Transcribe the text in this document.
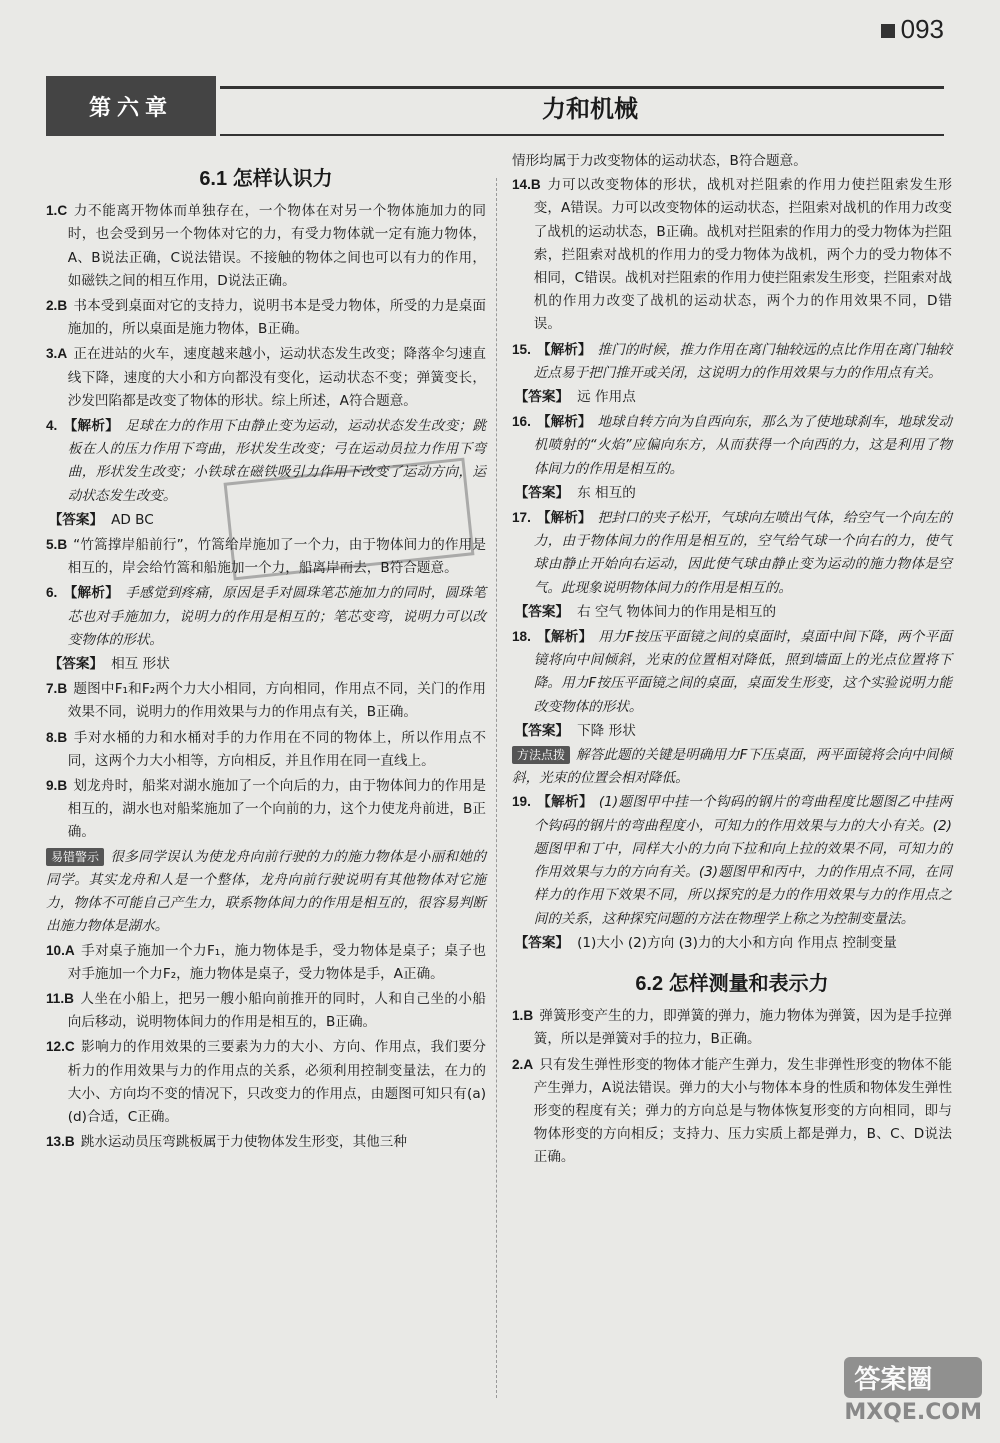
093
第六章	力和机械
6.1 怎样认识力
1.C 力不能离开物体而单独存在，一个物体在对另一个物体施加力的同时，也会受到另一个物体对它的力，有受力物体就一定有施力物体，A、B说法正确，C说法错误。不接触的物体之间也可以有力的作用，如磁铁之间的相互作用，D说法正确。
2.B 书本受到桌面对它的支持力，说明书本是受力物体，所受的力是桌面施加的，所以桌面是施力物体，B正确。
3.A 正在进站的火车，速度越来越小，运动状态发生改变；降落伞匀速直线下降，速度的大小和方向都没有变化，运动状态不变；弹簧变长，沙发凹陷都是改变了物体的形状。综上所述，A符合题意。
4. 【解析】 足球在力的作用下由静止变为运动，运动状态发生改变；跳板在人的压力作用下弯曲，形状发生改变；弓在运动员拉力作用下弯曲，形状发生改变；小铁球在磁铁吸引力作用下改变了运动方向，运动状态发生改变。
【答案】 AD BC
5.B “竹篙撑岸船前行”，竹篙给岸施加了一个力，由于物体间力的作用是相互的，岸会给竹篙和船施加一个力，船离岸而去，B符合题意。
6. 【解析】 手感觉到疼痛，原因是手对圆珠笔芯施加力的同时，圆珠笔芯也对手施加力，说明力的作用是相互的；笔芯变弯，说明力可以改变物体的形状。
【答案】 相互 形状
7.B 题图中F₁和F₂两个力大小相同，方向相同，作用点不同，关门的作用效果不同，说明力的作用效果与力的作用点有关，B正确。
8.B 手对水桶的力和水桶对手的力作用在不同的物体上，所以作用点不同，这两个力大小相等，方向相反，并且作用在同一直线上。
9.B 划龙舟时，船桨对湖水施加了一个向后的力，由于物体间力的作用是相互的，湖水也对船桨施加了一个向前的力，这个力使龙舟前进，B正确。
易错警示 很多同学误认为使龙舟向前行驶的力的施力物体是小丽和她的同学。其实龙舟和人是一个整体，龙舟向前行驶说明有其他物体对它施力，物体不可能自己产生力，联系物体间力的作用是相互的，很容易判断出施力物体是湖水。
10.A 手对桌子施加一个力F₁，施力物体是手，受力物体是桌子；桌子也对手施加一个力F₂，施力物体是桌子，受力物体是手，A正确。
11.B 人坐在小船上，把另一艘小船向前推开的同时，人和自己坐的小船向后移动，说明物体间力的作用是相互的，B正确。
12.C 影响力的作用效果的三要素为力的大小、方向、作用点，我们要分析力的作用效果与力的作用点的关系，必须利用控制变量法，在力的大小、方向均不变的情况下，只改变力的作用点，由题图可知只有(a)(d)合适，C正确。
13.B 跳水运动员压弯跳板属于力使物体发生形变，其他三种
情形均属于力改变物体的运动状态，B符合题意。
14.B 力可以改变物体的形状，战机对拦阻索的作用力使拦阻索发生形变，A错误。力可以改变物体的运动状态，拦阻索对战机的作用力改变了战机的运动状态，B正确。战机对拦阻索的作用力的受力物体为拦阻索，拦阻索对战机的作用力的受力物体为战机，两个力的受力物体不相同，C错误。战机对拦阻索的作用力使拦阻索发生形变，拦阻索对战机的作用力改变了战机的运动状态，两个力的作用效果不同，D错误。
15. 【解析】 推门的时候，推力作用在离门轴较远的点比作用在离门轴较近点易于把门推开或关闭，这说明力的作用效果与力的作用点有关。
【答案】 远 作用点
16. 【解析】 地球自转方向为自西向东，那么为了使地球刹车，地球发动机喷射的“火焰”应偏向东方，从而获得一个向西的力，这是利用了物体间力的作用是相互的。
【答案】 东 相互的
17. 【解析】 把封口的夹子松开，气球向左喷出气体，给空气一个向左的力，由于物体间力的作用是相互的，空气给气球一个向右的力，使气球由静止开始向右运动，因此使气球由静止变为运动的施力物体是空气。此现象说明物体间力的作用是相互的。
【答案】 右 空气 物体间力的作用是相互的
18. 【解析】 用力F按压平面镜之间的桌面时，桌面中间下降，两个平面镜将向中间倾斜，光束的位置相对降低，照到墙面上的光点位置将下降。用力F按压平面镜之间的桌面，桌面发生形变，这个实验说明力能改变物体的形状。
【答案】 下降 形状
方法点拨 解答此题的关键是明确用力F下压桌面，两平面镜将会向中间倾斜，光束的位置会相对降低。
19. 【解析】 (1)题图甲中挂一个钩码的钢片的弯曲程度比题图乙中挂两个钩码的钢片的弯曲程度小，可知力的作用效果与力的大小有关。(2)题图甲和丁中，同样大小的力向下拉和向上拉的效果不同，可知力的作用效果与力的方向有关。(3)题图甲和丙中，力的作用点不同，在同样力的作用下效果不同，所以探究的是力的作用效果与力的作用点之间的关系，这种探究问题的方法在物理学上称之为控制变量法。
【答案】 (1)大小 (2)方向 (3)力的大小和方向 作用点 控制变量
6.2 怎样测量和表示力
1.B 弹簧形变产生的力，即弹簧的弹力，施力物体为弹簧，因为是手拉弹簧，所以是弹簧对手的拉力，B正确。
2.A 只有发生弹性形变的物体才能产生弹力，发生非弹性形变的物体不能产生弹力，A说法错误。弹力的大小与物体本身的性质和物体发生弹性形变的程度有关；弹力的方向总是与物体恢复形变的方向相同，即与物体形变的方向相反；支持力、压力实质上都是弹力，B、C、D说法正确。
答案圈
MXQE.COM
